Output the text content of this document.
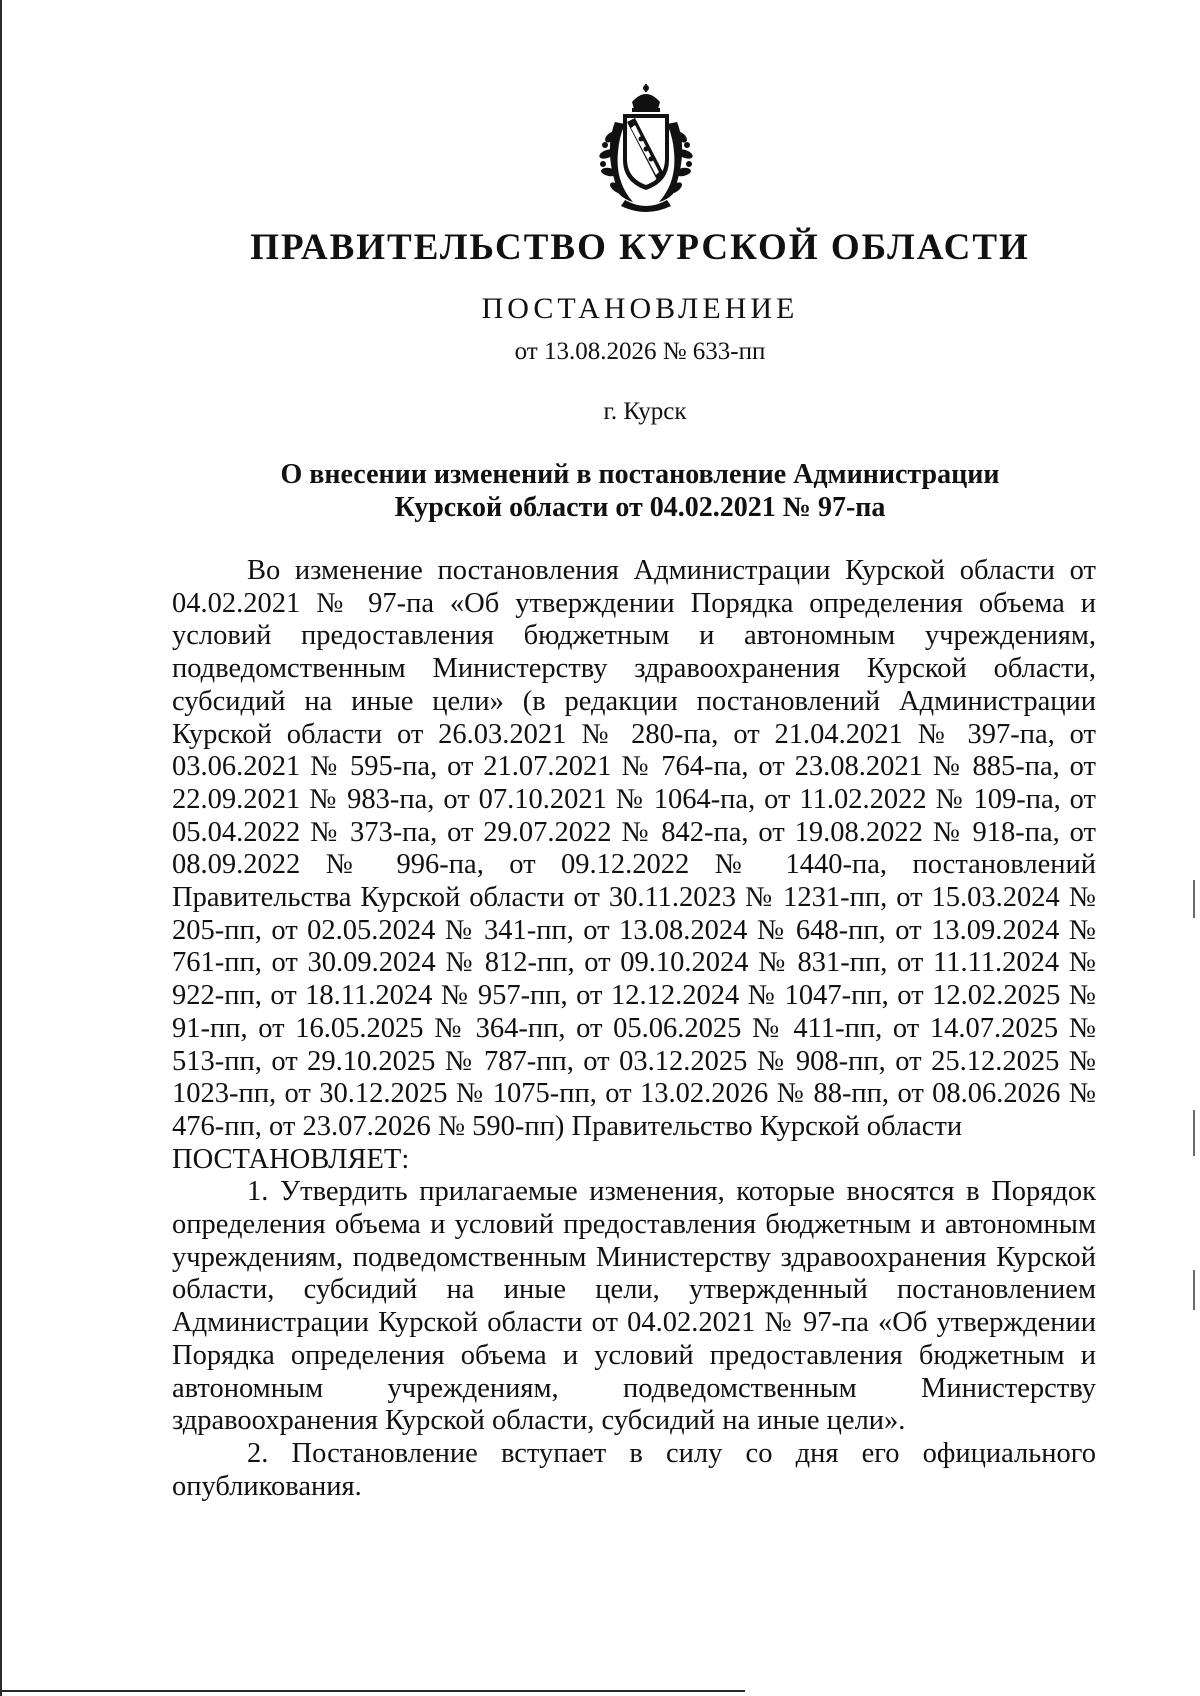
ПРАВИТЕЛЬСТВО КУРСКОЙ ОБЛАСТИ
ПОСТАНОВЛЕНИЕ
от 13.08.2026 № 633-пп
г. Курск
О внесении изменений в постановление Администрации
Курской области от 04.02.2021 № 97-па

Во изменение постановления Администрации Курской области от 04.02.2021 № 97-па «Об утверждении Порядка определения объема и условий предоставления бюджетным и автономным учреждениям, подведомственным Министерству здравоохранения Курской области, субсидий на иные цели» (в редакции постановлений Администрации Курской области от 26.03.2021 № 280-па, от 21.04.2021 № 397-па, от 03.06.2021 № 595-па, от 21.07.2021 № 764-па, от 23.08.2021 № 885-па, от 22.09.2021 № 983-па, от 07.10.2021 № 1064-па, от 11.02.2022 № 109-па, от 05.04.2022 № 373-па, от 29.07.2022 № 842-па, от 19.08.2022 № 918-па, от 08.09.2022 № 996-па, от 09.12.2022 № 1440-па, постановлений Правительства Курской области от 30.11.2023 № 1231-пп, от 15.03.2024 № 205-пп, от 02.05.2024 № 341-пп, от 13.08.2024 № 648-пп, от 13.09.2024 № 761-пп, от 30.09.2024 № 812-пп, от 09.10.2024 № 831-пп, от 11.11.2024 № 922-пп, от 18.11.2024 № 957-пп, от 12.12.2024 № 1047-пп, от 12.02.2025 № 91-пп, от 16.05.2025 № 364-пп, от 05.06.2025 № 411-пп, от 14.07.2025 № 513-пп, от 29.10.2025 № 787-пп, от 03.12.2025 № 908-пп, от 25.12.2025 № 1023-пп, от 30.12.2025 № 1075-пп, от 13.02.2026 № 88-пп, от 08.06.2026 № 476-пп, от 23.07.2026 № 590-пп) Правительство Курской области

ПОСТАНОВЛЯЕТ:

1. Утвердить прилагаемые изменения, которые вносятся в Порядок определения объема и условий предоставления бюджетным и автономным учреждениям, подведомственным Министерству здравоохранения Курской области, субсидий на иные цели, утвержденный постановлением Администрации Курской области от 04.02.2021 № 97-па «Об утверждении Порядка определения объема и условий предоставления бюджетным и автономным учреждениям, подведомственным Министерству здравоохранения Курской области, субсидий на иные цели».

2. Постановление вступает в силу со дня его официального опубликования.
